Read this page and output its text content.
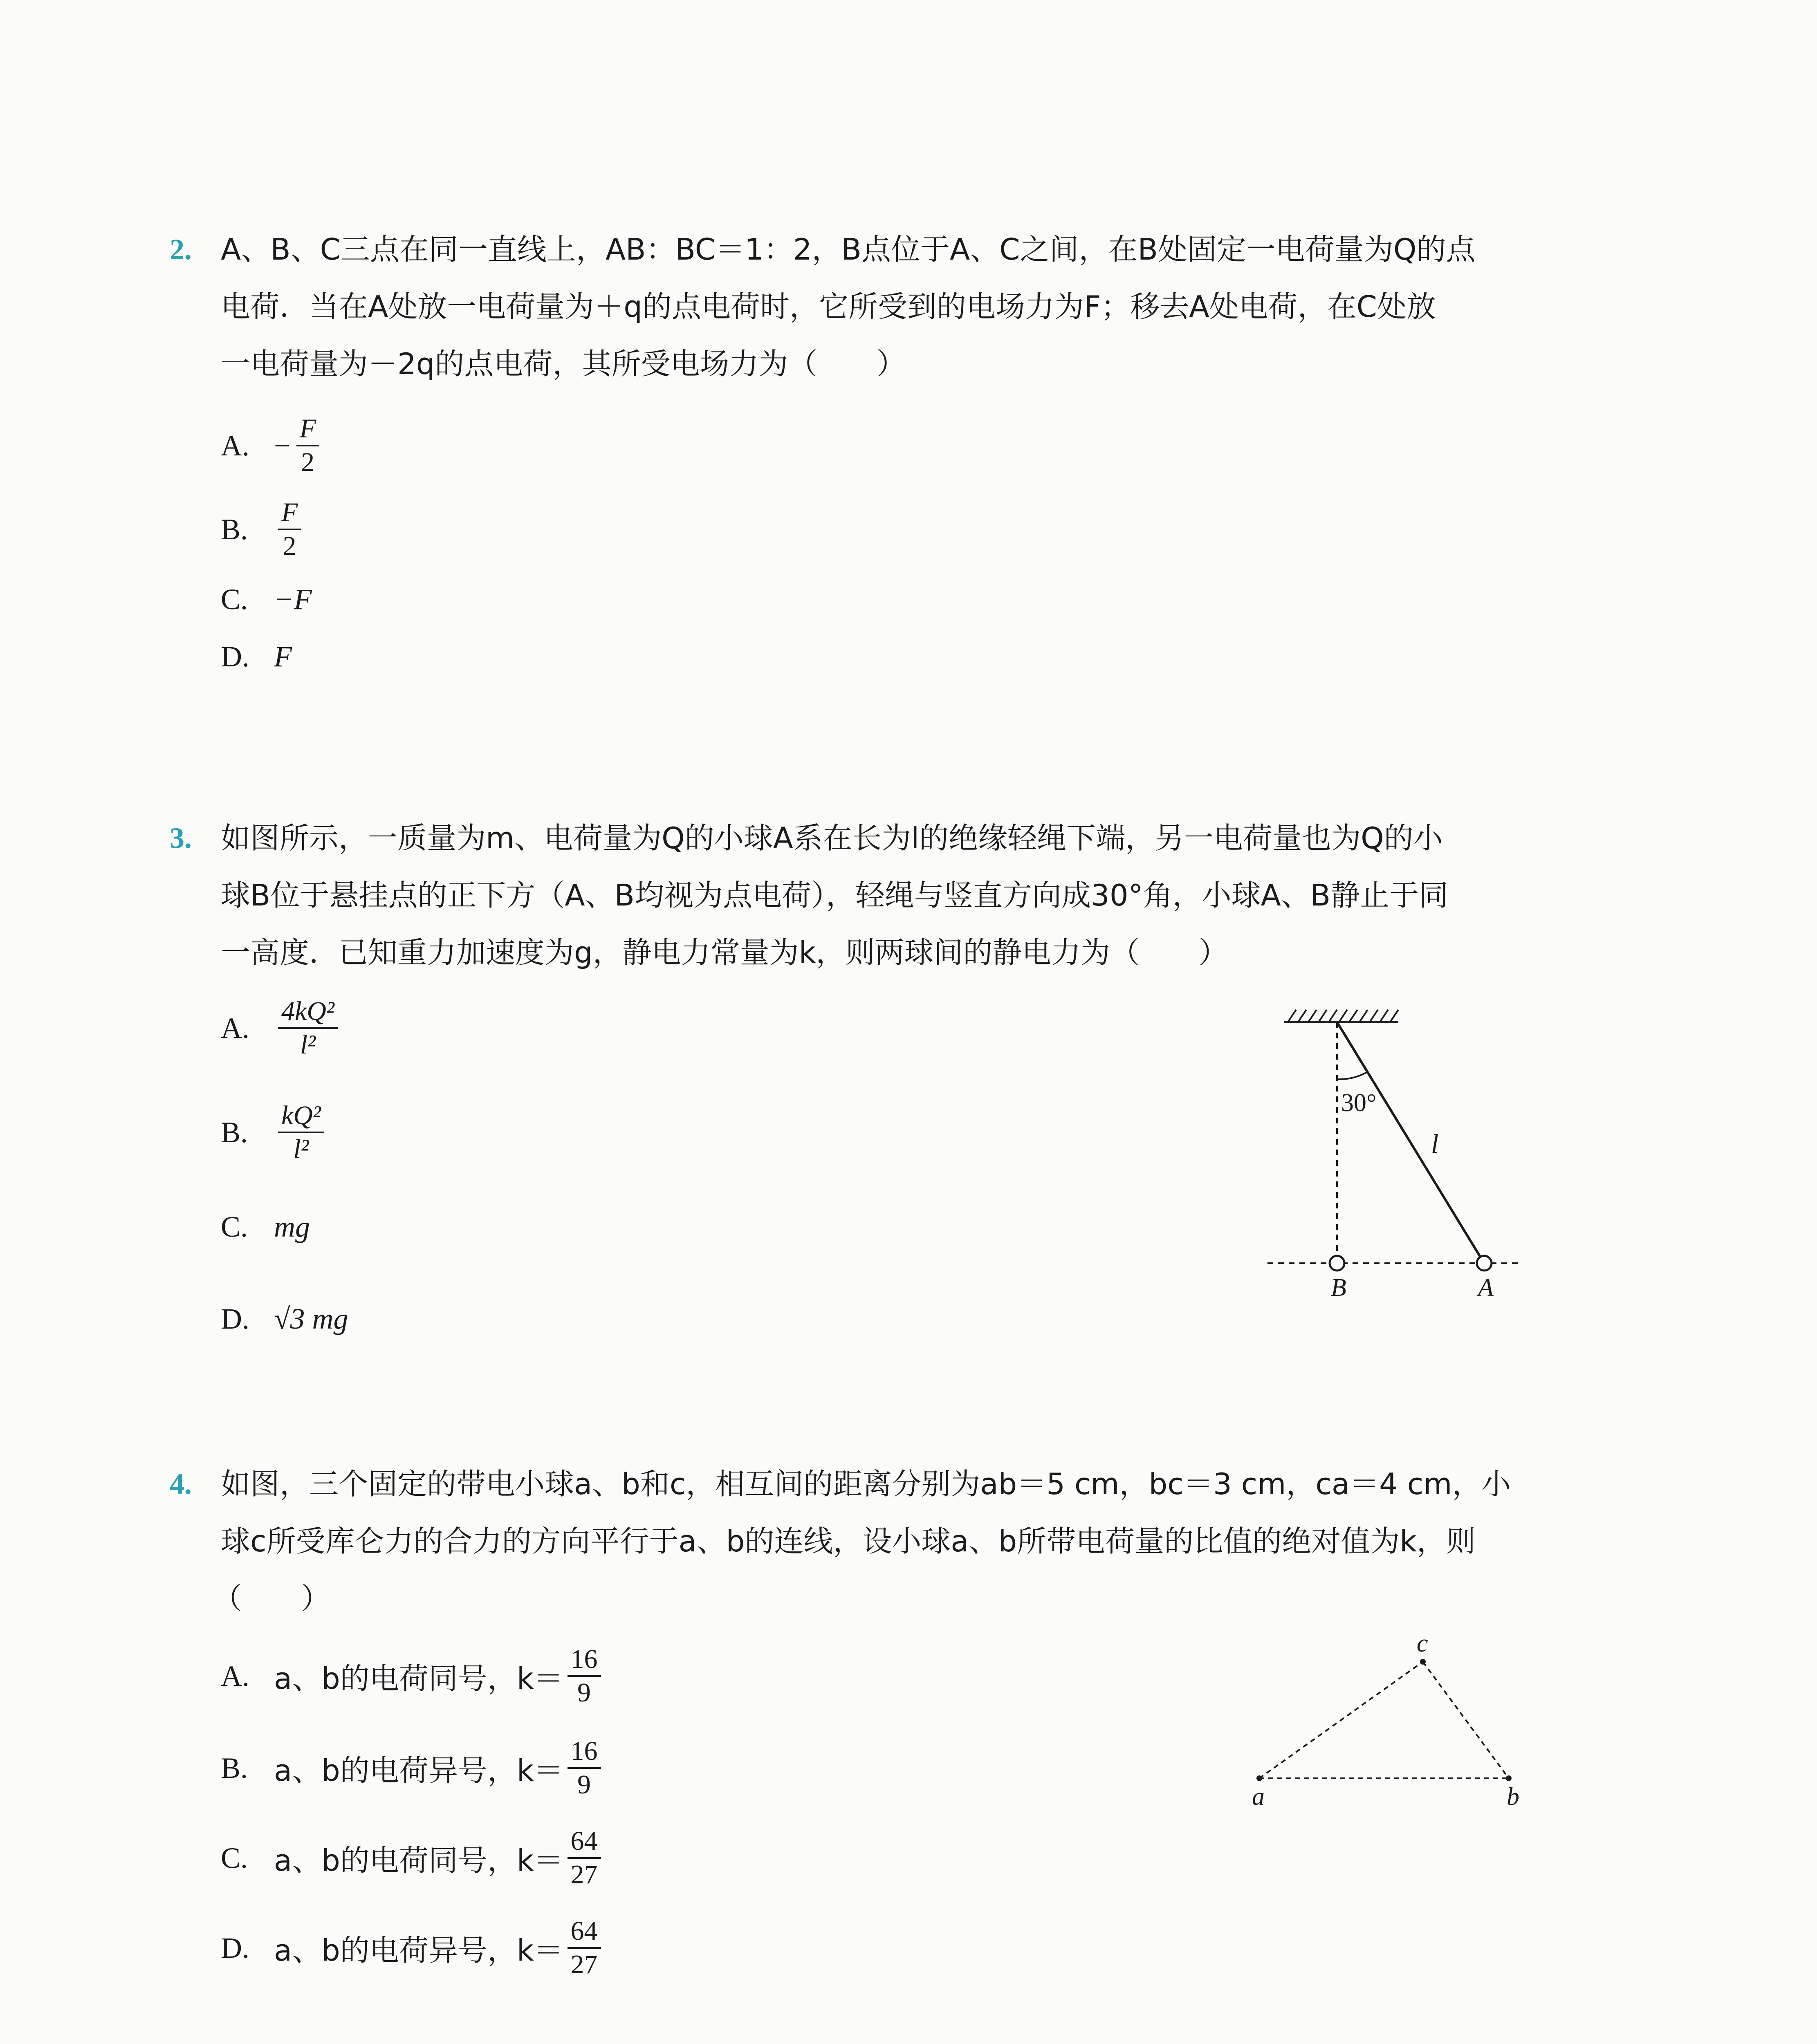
2. A、B、C三点在同一直线上，AB：BC＝1：2，B点位于A、C之间，在B处固定一电荷量为Q的点
电荷．当在A处放一电荷量为＋q的点电荷时，它所受到的电场力为F；移去A处电荷，在C处放
一电荷量为－2q的点电荷，其所受电场力为（　　）
A. − $\frac{F}{2}$
B.	$\frac{F}{2}$
C. −F
D. F
3. 如图所示，一质量为m、电荷量为Q的小球A系在长为l的绝缘轻绳下端，另一电荷量也为Q的小
球B位于悬挂点的正下方（A、B均视为点电荷），轻绳与竖直方向成30°角，小球A、B静止于同
一高度．已知重力加速度为g，静电力常量为k，则两球间的静电力为（　　）
A.	$\frac{\text{4kQ²}}{\text{l²}}$
B.	$\frac{\text{kQ²}}{\text{l²}}$
C. mg
D. √3 mg
30°
l
B	A
4. 如图，三个固定的带电小球a、b和c，相互间的距离分别为ab＝5 cm，bc＝3 cm，ca＝4 cm，小
球c所受库仑力的合力的方向平行于a、b的连线，设小球a、b所带电荷量的比值的绝对值为k，则
（　　）
A. a、b的电荷同号，$k= \frac{16}{9}$
B. a、b的电荷异号，$k= \frac{16}{9}$
C. a、b的电荷同号，$k= \frac{64}{27}$
D. a、b的电荷异号，$k= \frac{64}{27}$
a	b
c
